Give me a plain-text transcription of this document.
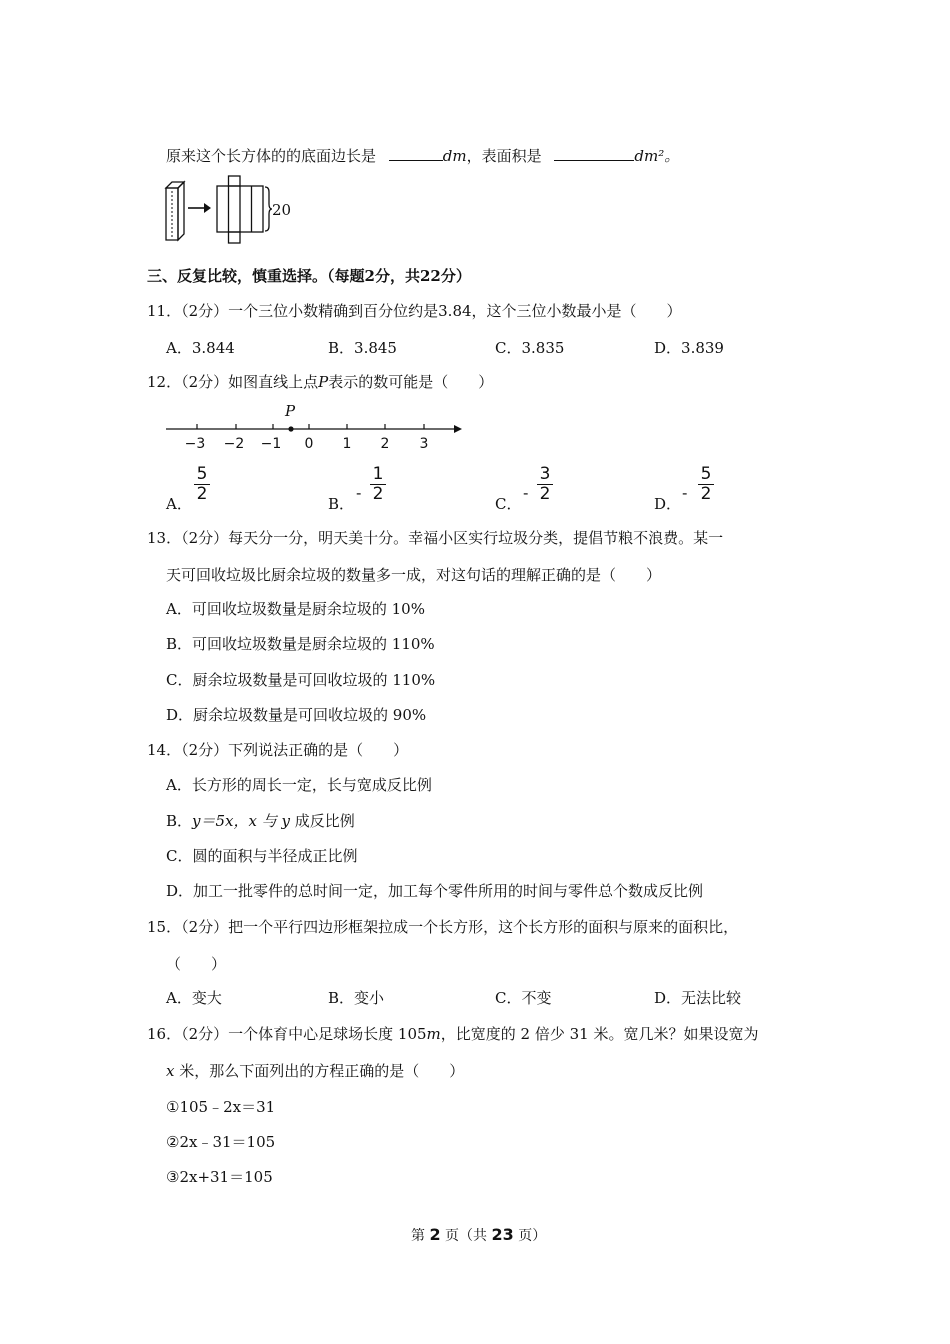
原来这个长方体的的底面边长是	dm，表面积是	dm²。
20
三、反复比较，慎重选择。（每题2分，共22分）
11．（2分）一个三位小数精确到百分位约是3.84，这个三位小数最小是（　　）
A．3.844	B．3.845	C．3.835	D．3.839
12．（2分）如图直线上点P表示的数可能是（　　）
P
−3 −2 −1 0 1 2 3
A．
5
2	B．
-
1
2	C．
-
3
2	D．
-
5
2
13．（2分）每天分一分，明天美十分。幸福小区实行垃圾分类，提倡节粮不浪费。某一
天可回收垃圾比厨余垃圾的数量多一成，对这句话的理解正确的是（　　）
A．可回收垃圾数量是厨余垃圾的 10%
B．可回收垃圾数量是厨余垃圾的 110%
C．厨余垃圾数量是可回收垃圾的 110%
D．厨余垃圾数量是可回收垃圾的 90%
14．（2分）下列说法正确的是（　　）
A．长方形的周长一定，长与宽成反比例
B．y＝5x，x 与 y 成反比例
C．圆的面积与半径成正比例
D．加工一批零件的总时间一定，加工每个零件所用的时间与零件总个数成反比例
15．（2分）把一个平行四边形框架拉成一个长方形，这个长方形的面积与原来的面积比，
（　　）
A．变大	B．变小	C．不变	D．无法比较
16．（2分）一个体育中心足球场长度 105m，比宽度的 2 倍少 31 米。宽几米？如果设宽为
x 米，那么下面列出的方程正确的是（　　）
①105﹣2x＝31
②2x﹣31＝105
③2x+31＝105
第 2 页（共 23 页）
